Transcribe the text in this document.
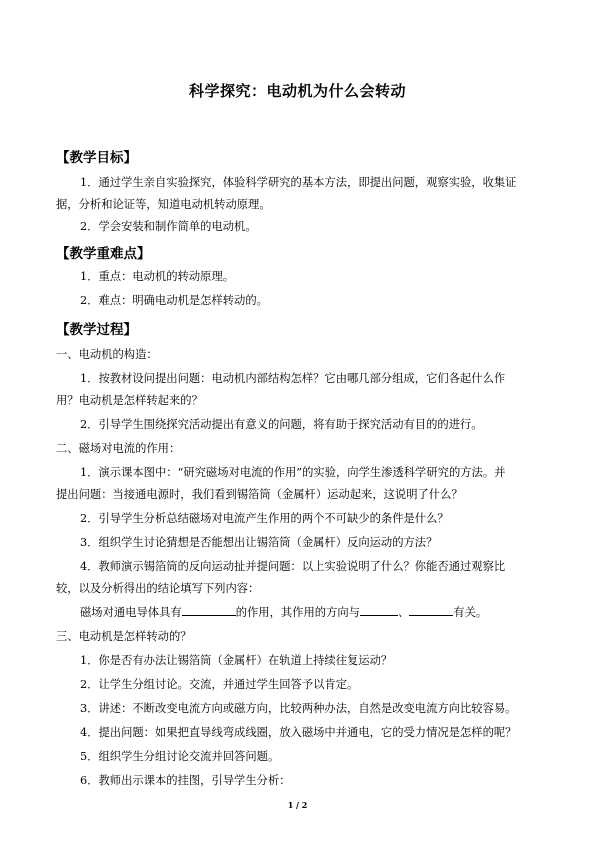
科学探究：电动机为什么会转动
【教学目标】
1．通过学生亲自实验探究，体验科学研究的基本方法，即提出问题，观察实验，收集证
据，分析和论证等，知道电动机转动原理。
2．学会安装和制作简单的电动机。
【教学重难点】
1．重点：电动机的转动原理。
2．难点：明确电动机是怎样转动的。
【教学过程】
一、电动机的构造：
1．按教材设问提出问题：电动机内部结构怎样？它由哪几部分组成，它们各起什么作
用？电动机是怎样转起来的？
2．引导学生围绕探究活动提出有意义的问题，将有助于探究活动有目的的进行。
二、磁场对电流的作用：
1．演示课本图中：“研究磁场对电流的作用”的实验，向学生渗透科学研究的方法。并
提出问题：当接通电源时，我们看到锡箔筒（金属杆）运动起来，这说明了什么？
2．引导学生分析总结磁场对电流产生作用的两个不可缺少的条件是什么？
3．组织学生讨论猜想是否能想出让锡箔筒（金属杆）反向运动的方法？
4．教师演示锡箔筒的反向运动扯并提问题：以上实验说明了什么？你能否通过观察比
较，以及分析得出的结论填写下列内容：
磁场对通电导体具有	的作用，其作用的方向与	、	有关。
三、电动机是怎样转动的？
1．你是否有办法让锡箔筒（金属杆）在轨道上持续往复运动？
2．让学生分组讨论。交流，并通过学生回答予以肯定。
3．讲述：不断改变电流方向或磁方向，比较两种办法，自然是改变电流方向比较容易。
4．提出问题：如果把直导线弯成线圈，放入磁场中并通电，它的受力情况是怎样的呢？
5．组织学生分组讨论交流并回答问题。
6．教师出示课本的挂图，引导学生分析：
1 / 2
